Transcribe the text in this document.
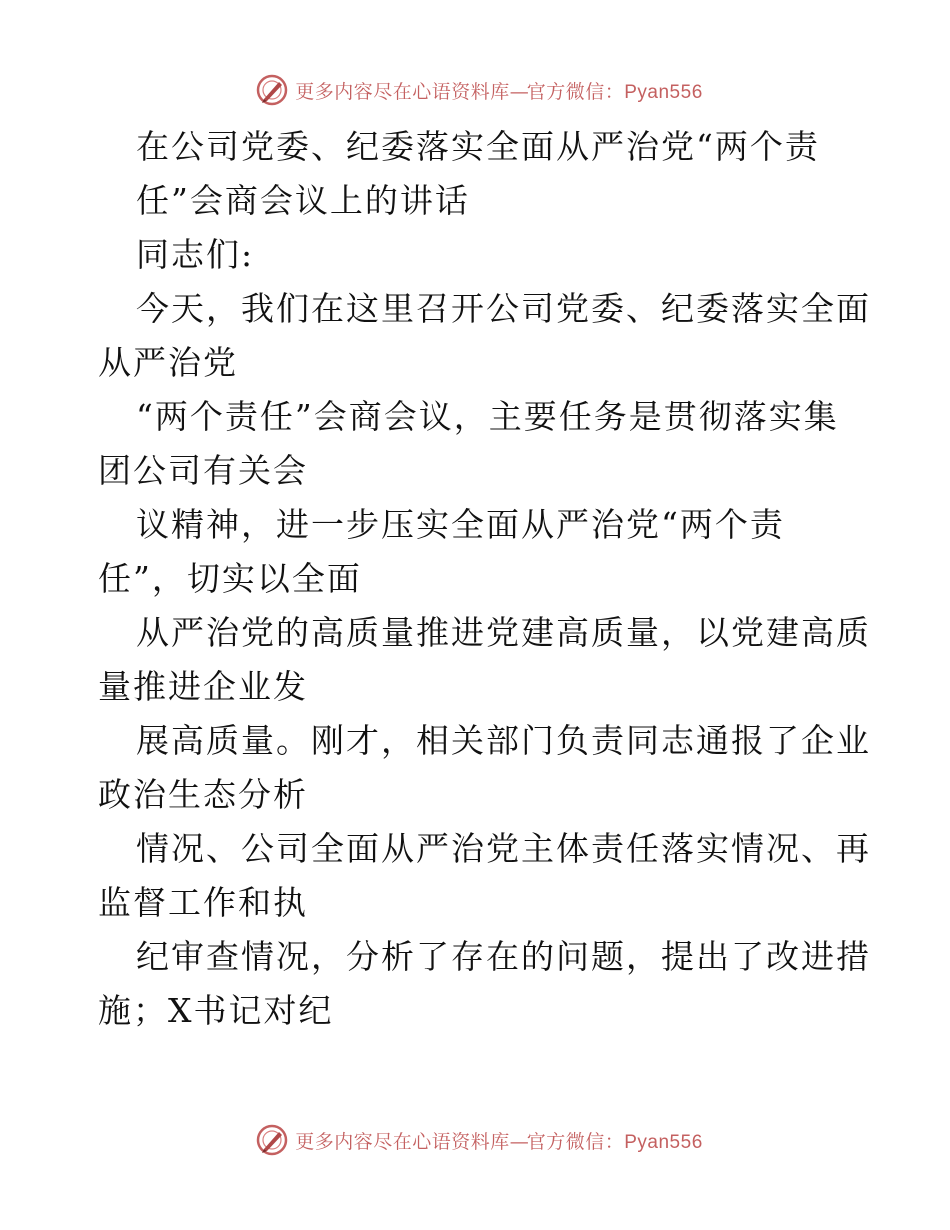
更多内容尽在心语资料库—官方微信：Pyan556
在公司党委、纪委落实全面从严治党“两个责
任”会商会议上的讲话
同志们:
今天，我们在这里召开公司党委、纪委落实全面
从严治党
“两个责任”会商会议，主要任务是贯彻落实集
团公司有关会
议精神，进一步压实全面从严治党“两个责
任”，切实以全面
从严治党的高质量推进党建高质量，以党建高质
量推进企业发
展高质量。刚才，相关部门负责同志通报了企业
政治生态分析
情况、公司全面从严治党主体责任落实情况、再
监督工作和执
纪审查情况，分析了存在的问题，提出了改进措
施；X书记对纪
更多内容尽在心语资料库—官方微信：Pyan556
